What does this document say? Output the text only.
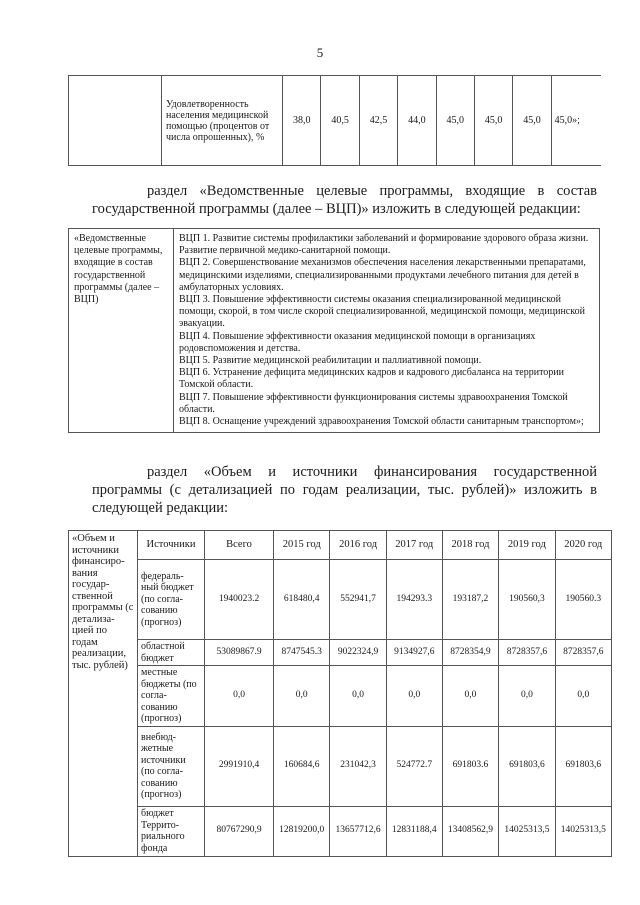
5
	Удовлетворенность населения медицинской помощью (процентов от числа опрошенных), %	38,0	40,5	42,5	44,0	45,0	45,0	45,0	45,0»;
раздел «Ведомственные целевые программы, входящие в состав государственной программы (далее – ВЦП)» изложить в следующей редакции:
«Ведомственные целевые программы, входящие в состав государственной программы (далее – ВЦП)	
ВЦП 1. Развитие системы профилактики заболеваний и формирование здорового образа жизни. Развитие первичной медико-санитарной помощи.
ВЦП 2. Совершенствование механизмов обеспечения населения лекарственными препаратами, медицинскими изделиями, специализированными продуктами лечебного питания для детей в амбулаторных условиях.
ВЦП 3. Повышение эффективности системы оказания специализированной медицинской помощи, скорой, в том числе скорой специализированной, медицинской помощи, медицинской эвакуации.
ВЦП 4. Повышение эффективности оказания медицинской помощи в организациях родовспоможения и детства.
ВЦП 5. Развитие медицинской реабилитации и паллиативной помощи.
ВЦП 6. Устранение дефицита медицинских кадров и кадрового дисбаланса на территории Томской области.
ВЦП 7. Повышение эффективности функционирования системы здравоохранения Томской области.
ВЦП 8. Оснащение учреждений здравоохранения Томской области санитарным транспортом»;
раздел «Объем и источники финансирования государственной программы (с детализацией по годам реализации, тыс. рублей)» изложить в следующей редакции:
«Объем и источники финансиро-вания государ-ственной программы (с детализа-цией по годам реализации, тыс. рублей)	Источники	Всего	2015 год	2016 год	2017 год	2018 год	2019 год	2020 год
	федераль-ный бюджет (по согла-сованию (прогноз)	1940023.2	618480,4	552941,7	194293.3	193187,2	190560,3	190560.3
	областной бюджет	53089867.9	8747545.3	9022324,9	9134927,6	8728354,9	8728357,6	8728357,6
	местные бюджеты (по согла-сованию (прогноз)	0,0	0,0	0,0	0,0	0,0	0,0	0,0
	внебюд-жетные источники (по согла-сованию (прогноз)	2991910,4	160684,6	231042,3	524772.7	691803.6	691803,6	691803,6
	бюджет Террито-риального фонда	80767290,9	12819200,0	13657712,6	12831188,4	13408562,9	14025313,5	14025313,5
